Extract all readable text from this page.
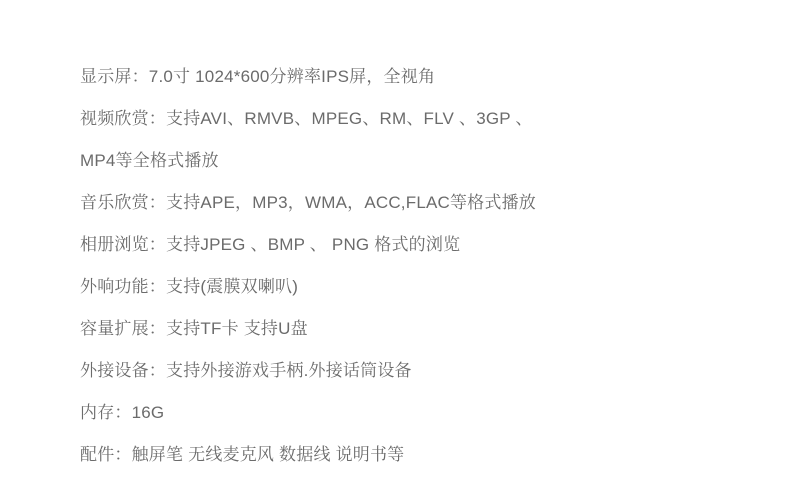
显示屏：7.0寸 1024*600分辨率IPS屏，全视角
视频欣赏：支持AVI、RMVB、MPEG、RM、FLV 、3GP 、
MP4等全格式播放
音乐欣赏：支持APE，MP3，WMA，ACC,FLAC等格式播放
相册浏览：支持JPEG 、BMP 、 PNG 格式的浏览
外响功能：支持(震膜双喇叭)
容量扩展：支持TF卡 支持U盘
外接设备：支持外接游戏手柄.外接话筒设备
内存：16G
配件：触屏笔 无线麦克风 数据线 说明书等
